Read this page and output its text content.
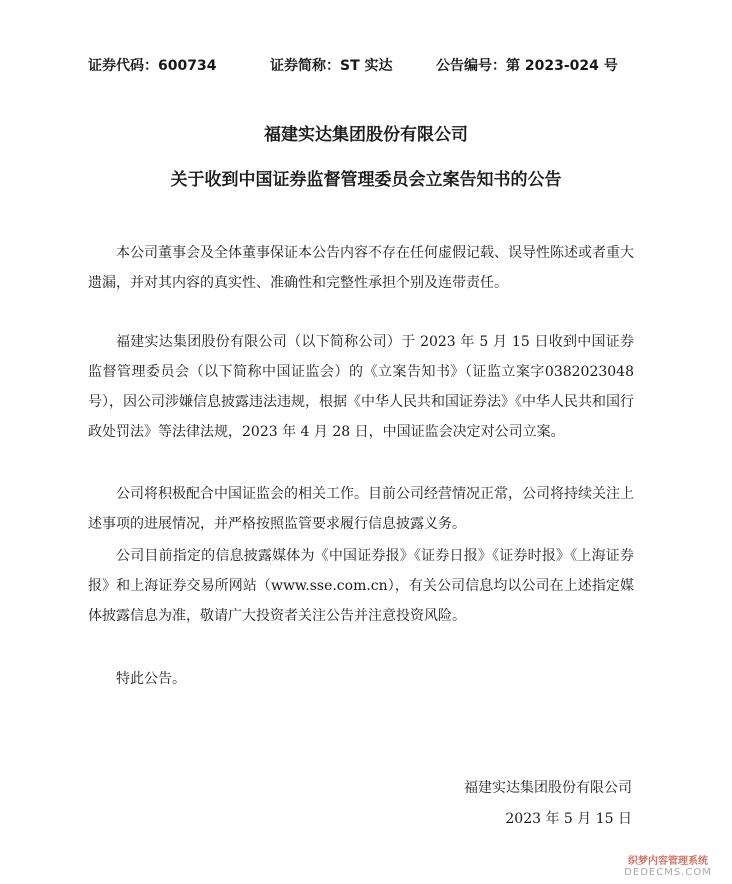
证券代码：600734	证券简称：ST 实达	公告编号：第 2023-024 号
福建实达集团股份有限公司
关于收到中国证券监督管理委员会立案告知书的公告

本公司董事会及全体董事保证本公告内容不存在任何虚假记载、误导性陈述或者重大遗漏，并对其内容的真实性、准确性和完整性承担个别及连带责任。

福建实达集团股份有限公司（以下简称公司）于 2023 年 5 月 15 日收到中国证券监督管理委员会（以下简称中国证监会）的《立案告知书》（证监立案字0382023048 号），因公司涉嫌信息披露违法违规，根据《中华人民共和国证券法》《中华人民共和国行政处罚法》等法律法规，2023 年 4 月 28 日，中国证监会决定对公司立案。

公司将积极配合中国证监会的相关工作。目前公司经营情况正常，公司将持续关注上述事项的进展情况，并严格按照监管要求履行信息披露义务。

公司目前指定的信息披露媒体为《中国证券报》《证券日报》《证券时报》《上海证券报》和上海证券交易所网站（www.sse.com.cn），有关公司信息均以公司在上述指定媒体披露信息为准，敬请广大投资者关注公告并注意投资风险。

特此公告。

福建实达集团股份有限公司
2023 年 5 月 15 日
织梦内容管理系统
DEDECMS.COM
